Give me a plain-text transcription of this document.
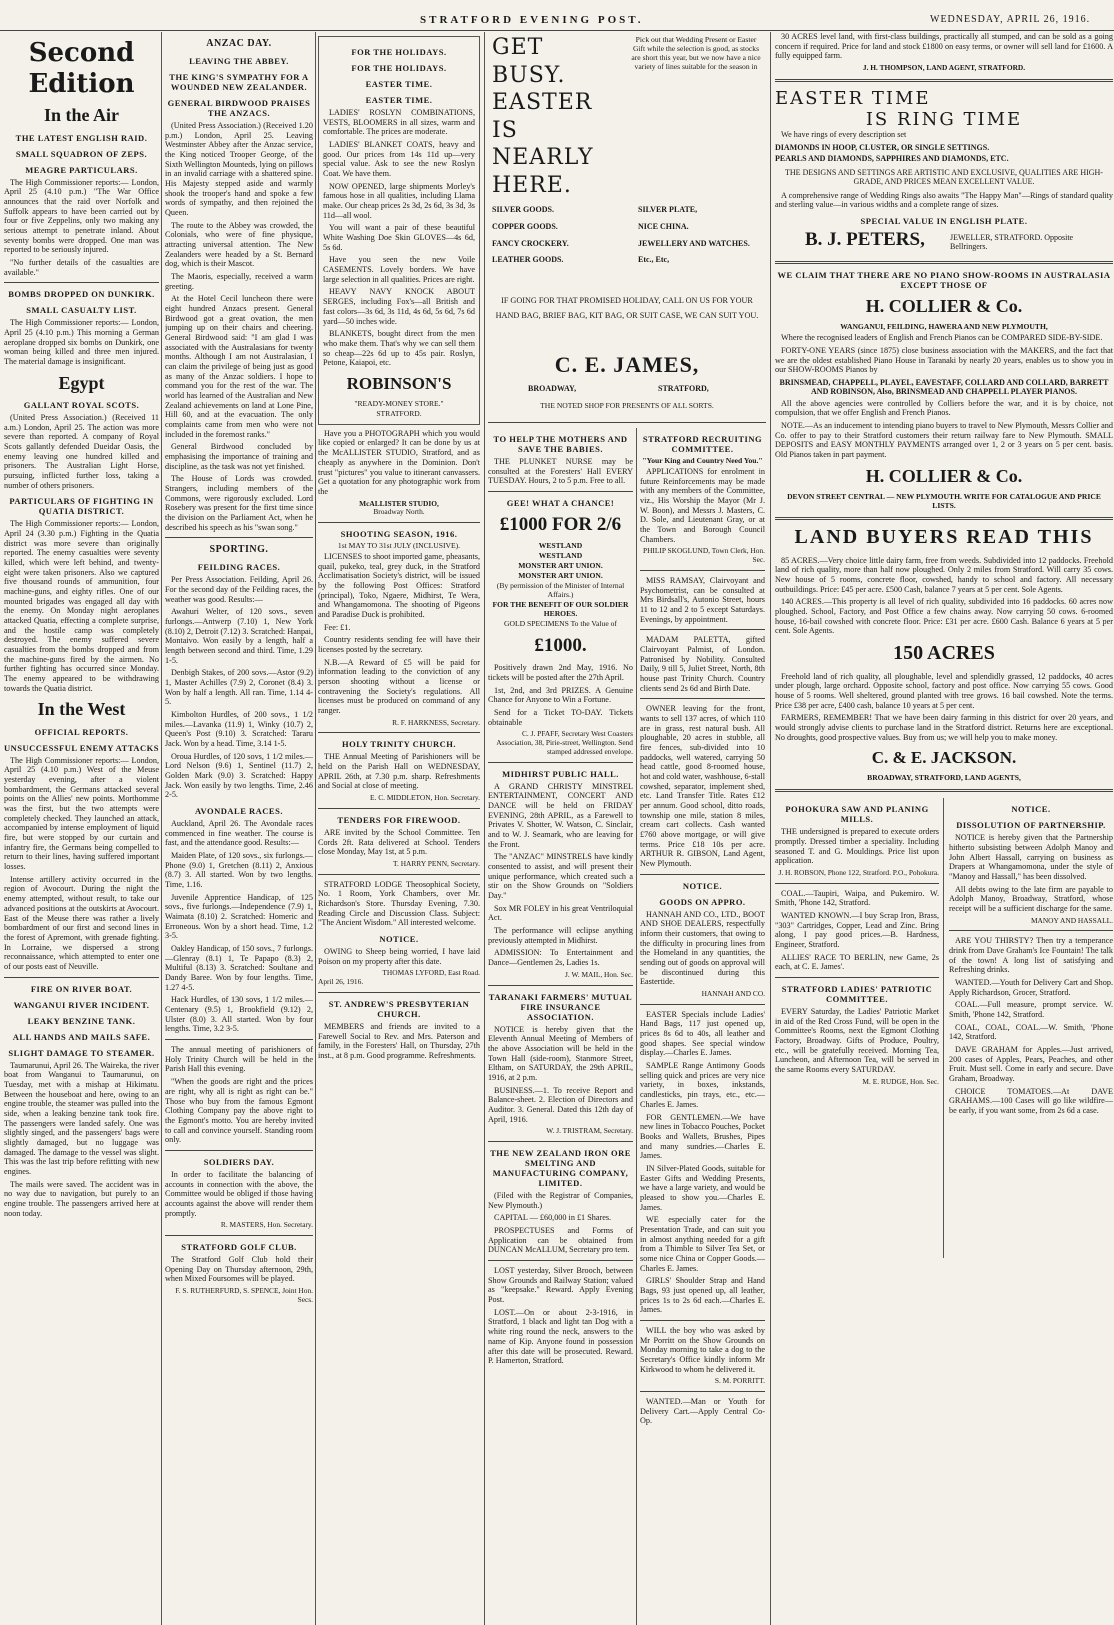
STRATFORD EVENING POST.	WEDNESDAY, APRIL 26, 1916.
Second Edition
In the Air
THE LATEST ENGLISH RAID.
SMALL SQUADRON OF ZEPS.
MEAGRE PARTICULARS.

The High Commissioner reports:— London, April 25 (4.10 p.m.) "The War Office announces that the raid over Norfolk and Suffolk appears to have been carried out by four or five Zeppelins, only two making any serious attempt to penetrate inland. About seventy bombs were dropped. One man was reported to be seriously injured.

"No further details of the casualties are available."

BOMBS DROPPED ON DUNKIRK.
SMALL CASUALTY LIST.

The High Commissioner reports:— London, April 25 (4.10 p.m.) This morning a German aeroplane dropped six bombs on Dunkirk, one woman being killed and three men injured. The material damage is insignificant.

Egypt
GALLANT ROYAL SCOTS.

(United Press Association.) (Received 11 a.m.) London, April 25. The action was more severe than reported. A company of Royal Scots gallantly defended Dueidar Oasis, the enemy leaving one hundred killed and prisoners. The Australian Light Horse, pursuing, inflicted further loss, taking a number of others prisoners.

PARTICULARS OF FIGHTING IN QUATIA DISTRICT.

The High Commissioner reports:— London, April 24 (3.30 p.m.) Fighting in the Quatia district was more severe than originally reported. The enemy casualties were seventy killed, which were left behind, and twenty-eight were taken prisoners. Also we captured five thousand rounds of ammunition, four machine-guns, and eighty rifles. One of our mounted brigades was engaged all day with the enemy. On Monday night aeroplanes attacked Quatia, effecting a complete surprise, and the hostile camp was completely destroyed. The enemy suffered severe casualties from the bombs dropped and from the machine-guns fired by the airmen. No further fighting has occurred since Monday. The enemy appeared to be withdrawing towards the Quatia district.

In the West
OFFICIAL REPORTS.
UNSUCCESSFUL ENEMY ATTACKS

The High Commissioner reports:— London, April 25 (4.10 p.m.) West of the Meuse yesterday evening, after a violent bombardment, the Germans attacked several points on the Allies' new points. Morthomme was the first, but the two attempts were completely checked. They launched an attack, accompanied by intense employment of liquid fire, but were stopped by our curtain and infantry fire, the Germans being compelled to return to their lines, having suffered important losses.

Intense artillery activity occurred in the region of Avocourt. During the night the enemy attempted, without result, to take our advanced positions at the outskirts at Avocourt. East of the Meuse there was rather a lively bombardment of our first and second lines in the forest of Apremont, with grenade fighting. In Lorraine, we dispersed a strong reconnaissance, which attempted to enter one of our posts east of Neuville.

FIRE ON RIVER BOAT.
WANGANUI RIVER INCIDENT.
LEAKY BENZINE TANK.
ALL HANDS AND MAILS SAFE.
SLIGHT DAMAGE TO STEAMER.

Taumarunui, April 26. The Waireka, the river boat from Wanganui to Taumarunui, on Tuesday, met with a mishap at Hikimatu. Between the houseboat and here, owing to an engine trouble, the steamer was pulled into the side, when a leaking benzine tank took fire. The passengers were landed safely. One was slightly singed, and the passengers' bags were slightly damaged, but no luggage was damaged. The damage to the vessel was slight. This was the last trip before refitting with new engines.

The mails were saved. The accident was in no way due to navigation, but purely to an engine trouble. The passengers arrived here at noon today.

ANZAC DAY.
LEAVING THE ABBEY.
THE KING'S SYMPATHY FOR A WOUNDED NEW ZEALANDER.
GENERAL BIRDWOOD PRAISES THE ANZACS.

(United Press Association.) (Received 1.20 p.m.) London, April 25. Leaving Westminster Abbey after the Anzac service, the King noticed Trooper George, of the Sixth Wellington Mounteds, lying on pillows in an invalid carriage with a shattered spine. His Majesty stepped aside and warmly shook the trooper's hand and spoke a few words of sympathy, and then rejoined the Queen.

The route to the Abbey was crowded, the Colonials, who were of fine physique, attracting universal attention. The New Zealanders were headed by a St. Bernard dog, which is their Mascot.

The Maoris, especially, received a warm greeting.

At the Hotel Cecil luncheon there were eight hundred Anzacs present. General Birdwood got a great ovation, the men jumping up on their chairs and cheering. General Birdwood said: "I am glad I was associated with the Australasians for twenty months. Although I am not Australasian, I can claim the privilege of being just as good as many of the Anzac soldiers. I hope to command you for the rest of the war. The world has learned of the Australian and New Zealand achievements on land at Lone Pine, Hill 60, and at the evacuation. The only complaints came from men who were not included in the foremost ranks."

General Birdwood concluded by emphasising the importance of training and discipline, as the task was not yet finished.

The House of Lords was crowded. Strangers, including members of the Commons, were rigorously excluded. Lord Rosebery was present for the first time since the division on the Parliament Act, when he described his speech as his "swan song."

SPORTING.
FEILDING RACES.

Per Press Association. Feilding, April 26. For the second day of the Feilding races, the weather was good. Results:—

Awahuri Welter, of 120 sovs., seven furlongs.—Antwerp (7.10) 1, New York (8.10) 2, Detroit (7.12) 3. Scratched: Hanpai, Montaivo. Won easily by a length, half a length between second and third. Time, 1.29 1-5.

Denbigh Stakes, of 200 sovs.—Astor (9.2) 1, Master Achilles (7.9) 2, Coronet (8.4) 3. Won by half a length. All ran. Time, 1.14 4-5.

Kimbolton Hurdles, of 200 sovs., 1 1/2 miles.—Lavanka (11.9) 1, Winky (10.7) 2, Queen's Post (9.10) 3. Scratched: Tararu Jack. Won by a head. Time, 3.14 1-5.

Oroua Hurdles, of 120 sovs, 1 1/2 miles.—Lord Nelson (9.6) 1, Sentinel (11.7) 2, Golden Mark (9.0) 3. Scratched: Happy Jack. Won easily by two lengths. Time, 2.46 2-5.

AVONDALE RACES.

Auckland, April 26. The Avondale races commenced in fine weather. The course is fast, and the attendance good. Results:—

Maiden Plate, of 120 sovs., six furlongs.—Phone (9.0) 1, Gretchen (8.11) 2, Anxious (8.7) 3. All started. Won by two lengths. Time, 1.16.

Juvenile Apprentice Handicap, of 125 sovs., five furlongs.—Independence (7.9) 1, Waimata (8.10) 2. Scratched: Homeric and Erroneous. Won by a short head. Time, 1.2 3-5.

Oakley Handicap, of 150 sovs., 7 furlongs.—Glenray (8.1) 1, Te Papapo (8.3) 2, Multiful (8.13) 3. Scratched: Soultane and Dandy Baree. Won by four lengths. Time, 1.27 4-5.

Hack Hurdles, of 130 sovs, 1 1/2 miles.—Centenary (9.5) 1, Brookfield (9.12) 2, Ulster (8.0) 3. All started. Won by four lengths. Time, 3.2 3-5.

The annual meeting of parishioners of Holy Trinity Church will be held in the Parish Hall this evening.

"When the goods are right and the prices are right, why all is right as right can be." Those who buy from the famous Egmont Clothing Company pay the above right to the Egmont's motto. You are hereby invited to call and convince yourself. Standing room only.

SOLDIERS DAY.

In order to facilitate the balancing of accounts in connection with the above, the Committee would be obliged if those having accounts against the above will render them promptly.

R. MASTERS, Hon. Secretary.
STRATFORD GOLF CLUB.

The Stratford Golf Club hold their Opening Day on Thursday afternoon, 29th, when Mixed Foursomes will be played.

F. S. RUTHERFURD, S. SPENCE, Joint Hon. Secs.
FOR THE HOLIDAYS.
FOR THE HOLIDAYS.
EASTER TIME.
EASTER TIME.

LADIES' ROSLYN COMBINATIONS, VESTS, BLOOMERS in all sizes, warm and comfortable. The prices are moderate.

LADIES' BLANKET COATS, heavy and good. Our prices from 14s 11d up—very special value. Ask to see the new Roslyn Coat. We have them.

NOW OPENED, large shipments Morley's famous hose in all qualities, including Llama make. Our cheap prices 2s 3d, 2s 6d, 3s 3d, 3s 11d—all wool.

You will want a pair of these beautiful White Washing Doe Skin GLOVES—4s 6d, 5s 6d.

Have you seen the new Voile CASEMENTS. Lovely borders. We have large selection in all qualities. Prices are right.

HEAVY NAVY KNOCK ABOUT SERGES, including Fox's—all British and fast colors—3s 6d, 3s 11d, 4s 6d, 5s 6d, 7s 6d yard—50 inches wide.

BLANKETS, bought direct from the men who make them. That's why we can sell them so cheap—22s 6d up to 45s pair. Roslyn, Petone, Kaiapoi, etc.

ROBINSON'S
"READY-MONEY STORE."
STRATFORD.

Have you a PHOTOGRAPH which you would like copied or enlarged? It can be done by us at the McALLISTER STUDIO, Stratford, and as cheaply as anywhere in the Dominion. Don't trust "pictures" you value to itinerant canvassers. Get a quotation for any photographic work from the

McALLISTER STUDIO,
Broadway North.
SHOOTING SEASON, 1916.
1st MAY TO 31st JULY (INCLUSIVE).

LICENSES to shoot imported game, pheasants, quail, pukeko, teal, grey duck, in the Stratford Acclimatisation Society's district, will be issued by the following Post Offices: Stratford (principal), Toko, Ngaere, Midhirst, Te Wera, and Whangamomona. The shooting of Pigeons and Paradise Duck is prohibited.

Fee: £1.

Country residents sending fee will have their licenses posted by the secretary.

N.B.—A Reward of £5 will be paid for information leading to the conviction of any person shooting without a license or contravening the Society's regulations. All licenses must be produced on command of any ranger.

R. F. HARKNESS, Secretary.
HOLY TRINITY CHURCH.

THE Annual Meeting of Parishioners will be held on the Parish Hall on WEDNESDAY, APRIL 26th, at 7.30 p.m. sharp. Refreshments and Social at close of meeting.

E. C. MIDDLETON, Hon. Secretary.
TENDERS FOR FIREWOOD.

ARE invited by the School Committee. Ten Cords 2ft. Rata delivered at School. Tenders close Monday, May 1st, at 5 p.m.

T. HARRY PENN, Secretary.

STRATFORD LODGE Theosophical Society, No. 1 Room, York Chambers, over Mr. Richardson's Store. Thursday Evening, 7.30. Reading Circle and Discussion Class. Subject: "The Ancient Wisdom." All interested welcome.

NOTICE.

OWING to Sheep being worried, I have laid Poison on my property after this date.

THOMAS LYFORD, East Road.
April 26, 1916.
ST. ANDREW'S PRESBYTERIAN CHURCH.

MEMBERS and friends are invited to a Farewell Social to Rev. and Mrs. Paterson and family, in the Foresters' Hall, on Thursday, 27th inst., at 8 p.m. Good programme. Refreshments.

GET BUSY.
EASTER
IS
NEARLY
HERE.
Pick out that Wedding Present or Easter Gift while the selection is good, as stocks are short this year, but we now have a nice variety of lines suitable for the season in
SILVER GOODS.
COPPER GOODS.
FANCY CROCKERY.
LEATHER GOODS.
SILVER PLATE,
NICE CHINA.
JEWELLERY AND WATCHES.
Etc., Etc,
IF GOING FOR THAT PROMISED HOLIDAY, CALL ON US FOR YOUR HAND BAG, BRIEF BAG, KIT BAG, OR SUIT CASE, WE CAN SUIT YOU.
C. E. JAMES,
BROADWAY,	STRATFORD,
THE NOTED SHOP FOR PRESENTS OF ALL SORTS.
TO HELP THE MOTHERS AND SAVE THE BABIES.

THE PLUNKET NURSE may be consulted at the Foresters' Hall EVERY TUESDAY. Hours, 2 to 5 p.m. Free to all.

GEE! WHAT A CHANCE!
£1000 FOR 2/6
WESTLAND
WESTLAND
MONSTER ART UNION.
MONSTER ART UNION.
(By permission of the Minister of Internal Affairs.)
FOR THE BENEFIT OF OUR SOLDIER HEROES.
GOLD SPECIMENS To the Value of
£1000.

Positively drawn 2nd May, 1916. No tickets will be posted after the 27th April.

1st, 2nd, and 3rd PRIZES. A Genuine Chance for Anyone to Win a Fortune.

Send for a Ticket TO-DAY. Tickets obtainable

C. J. PFAFF, Secretary West Coasters Association, 38, Pirie-street, Wellington. Send stamped addressed envelope.
MIDHIRST PUBLIC HALL.

A GRAND CHRISTY MINSTREL ENTERTAINMENT, CONCERT AND DANCE will be held on FRIDAY EVENING, 28th APRIL, as a Farewell to Privates V. Shotter, W. Watson, C. Sinclair, and to W. J. Seamark, who are leaving for the Front.

The "ANZAC" MINSTRELS have kindly consented to assist, and will present their unique performance, which created such a stir on the Show Grounds on "Soldiers Day."

Sox MR FOLEY in his great Ventriloquial Act.

The performance will eclipse anything previously attempted in Midhirst.

ADMISSION: To Entertainment and Dance—Gentlemen 2s, Ladies 1s.

J. W. MAIL, Hon. Sec.
TARANAKI FARMERS' MUTUAL FIRE INSURANCE ASSOCIATION.

NOTICE is hereby given that the Eleventh Annual Meeting of Members of the above Association will be held in the Town Hall (side-room), Stanmore Street, Eltham, on SATURDAY, the 29th APRIL, 1916, at 2 p.m.

BUSINESS.—1. To receive Report and Balance-sheet. 2. Election of Directors and Auditor. 3. General. Dated this 12th day of April, 1916.

W. J. TRISTRAM, Secretary.
THE NEW ZEALAND IRON ORE SMELTING AND MANUFACTURING COMPANY, LIMITED.

(Filed with the Registrar of Companies, New Plymouth.)

CAPITAL — £60,000 in £1 Shares.

PROSPECTUSES and Forms of Application can be obtained from DUNCAN McALLUM, Secretary pro tem.

LOST yesterday, Silver Brooch, between Show Grounds and Railway Station; valued as "keepsake." Reward. Apply Evening Post.

LOST.—On or about 2-3-1916, in Stratford, 1 black and light tan Dog with a white ring round the neck, answers to the name of Kip. Anyone found in possession after this date will be prosecuted. Reward. P. Hamerton, Stratford.

STRATFORD RECRUITING COMMITTEE.
"Your King and Country Need You."

APPLICATIONS for enrolment in future Reinforcements may be made with any members of the Committee, viz., His Worship the Mayor (Mr J. W. Boon), and Messrs J. Masters, C. D. Sole, and Lieutenant Gray, or at the Town and Borough Council Chambers.

PHILIP SKOGLUND, Town Clerk, Hon. Sec.

MISS RAMSAY, Clairvoyant and Psychometrist, can be consulted at Mrs Birdsall's, Autonio Street, hours 11 to 12 and 2 to 5 except Saturdays. Evenings, by appointment.

MADAM PALETTA, gifted Clairvoyant Palmist, of London. Patronised by Nobility. Consulted Daily, 9 till 5, Juliet Street, North, 8th house past Trinity Church. Country clients send 2s 6d and Birth Date.

OWNER leaving for the front, wants to sell 137 acres, of which 110 are in grass, rest natural bush. All ploughable, 20 acres in stubble, all fire fences, sub-divided into 10 paddocks, well watered, carrying 50 head cattle, good 8-roomed house, hot and cold water, washhouse, 6-stall cowshed, separator, implement shed, etc. Land Transfer Title. Rates £12 per annum. Good school, ditto roads, township one mile, station 8 miles, cream cart collects. Cash wanted £760 above mortgage, or will give terms. Price £18 10s per acre. ARTHUR R. GIBSON, Land Agent, New Plymouth.

NOTICE.
GOODS ON APPRO.

HANNAH AND CO., LTD., BOOT AND SHOE DEALERS, respectfully inform their customers, that owing to the difficulty in procuring lines from the Homeland in any quantities, the sending out of goods on approval will be discontinued during this Eastertide.

HANNAH AND CO.

EASTER Specials include Ladies' Hand Bags, 117 just opened up, prices 8s 6d to 40s, all leather and good shapes. See special window display.—Charles E. James.

SAMPLE Range Antimony Goods selling quick and prices are very nice variety, in boxes, inkstands, candlesticks, pin trays, etc., etc.—Charles E. James.

FOR GENTLEMEN.—We have new lines in Tobacco Pouches, Pocket Books and Wallets, Brushes, Pipes and many sundries.—Charles E. James.

IN Silver-Plated Goods, suitable for Easter Gifts and Wedding Presents, we have a large variety, and would be pleased to show you.—Charles E. James.

WE especially cater for the Presentation Trade, and can suit you in almost anything needed for a gift from a Thimble to Silver Tea Set, or some nice China or Copper Goods.—Charles E. James.

GIRLS' Shoulder Strap and Hand Bags, 93 just opened up, all leather, prices 1s to 2s 6d each.—Charles E. James.

WILL the boy who was asked by Mr Porritt on the Show Grounds on Monday morning to take a dog to the Secretary's Office kindly inform Mr Kirkwood to whom he delivered it.

S. M. PORRITT.

WANTED.—Man or Youth for Delivery Cart.—Apply Central Co-Op.

30 ACRES level land, with first-class buildings, practically all stumped, and can be sold as a going concern if required. Price for land and stock £1800 on easy terms, or owner will sell land for £1600. A fully equipped farm.

J. H. THOMPSON, LAND AGENT, STRATFORD.
EASTER TIME
IS RING TIME

We have rings of every description set

DIAMONDS IN HOOP, CLUSTER, OR SINGLE SETTINGS.
PEARLS AND DIAMONDS, SAPPHIRES AND DIAMONDS, ETC.
THE DESIGNS AND SETTINGS ARE ARTISTIC AND EXCLUSIVE, QUALITIES ARE HIGH-GRADE, AND PRICES MEAN EXCELLENT VALUE.

A comprehensive range of Wedding Rings also awaits "The Happy Man"—Rings of standard quality and sterling value—in various widths and a complete range of sizes.

SPECIAL VALUE IN ENGLISH PLATE.
B. J. PETERS,	JEWELLER, STRATFORD. Opposite Bellringers.
WE CLAIM THAT THERE ARE NO PIANO SHOW-ROOMS IN AUSTRALASIA EXCEPT THOSE OF
H. COLLIER & Co.
WANGANUI, FEILDING, HAWERA AND NEW PLYMOUTH,

Where the recognised leaders of English and French Pianos can be COMPARED SIDE-BY-SIDE.

FORTY-ONE YEARS (since 1875) close business association with the MAKERS, and the fact that we are the oldest established Piano House in Taranaki by nearly 20 years, enables us to show you in our SHOW-ROOMS Pianos by

BRINSMEAD, CHAPPELL, PLAYEL, EAVESTAFF, COLLARD AND COLLARD, BARRETT AND ROBINSON, Also, BRINSMEAD AND CHAPPELL PLAYER PIANOS.

All the above agencies were controlled by Colliers before the war, and it is by choice, not compulsion, that we offer English and French Pianos.

NOTE.—As an inducement to intending piano buyers to travel to New Plymouth, Messrs Collier and Co. offer to pay to their Stratford customers their return railway fare to New Plymouth. SMALL DEPOSITS and EASY MONTHLY PAYMENTS arranged over 1, 2 or 3 years on 5 per cent. basis. Old Pianos taken in part payment.

H. COLLIER & Co.
DEVON STREET CENTRAL — NEW PLYMOUTH. WRITE FOR CATALOGUE AND PRICE LISTS.
LAND BUYERS READ THIS

85 ACRES.—Very choice little dairy farm, free from weeds. Subdivided into 12 paddocks. Freehold land of rich quality, more than half now ploughed. Only 2 miles from Stratford. Will carry 35 cows. New house of 5 rooms, concrete floor, cowshed, handy to school and factory. All necessary outbuildings. Price: £45 per acre. £500 Cash, balance 7 years at 5 per cent. Sole Agents.

140 ACRES.—This property is all level of rich quality, subdivided into 16 paddocks. 60 acres now ploughed. School, Factory, and Post Office a few chains away. Now carrying 50 cows. 6-roomed house, 16-bail cowshed with concrete floor. Price: £31 per acre. £600 Cash. Balance 6 years at 5 per cent. Sole Agents.

150 ACRES

Freehold land of rich quality, all ploughable, level and splendidly grassed, 12 paddocks, 40 acres under plough, large orchard. Opposite school, factory and post office. Now carrying 55 cows. Good house of 5 rooms. Well sheltered, ground planted with tree grows. 16 bail cowshed. Note the terms. Price £38 per acre, £400 cash, balance 10 years at 5 per cent.

FARMERS, REMEMBER! That we have been dairy farming in this district for over 20 years, and would strongly advise clients to purchase land in the Stratford district. Returns here are exceptional. No droughts, good prospective values. Buy from us; we will help you to make money.

C. & E. JACKSON.
BROADWAY, STRATFORD, LAND AGENTS,
POHOKURA SAW AND PLANING MILLS.

THE undersigned is prepared to execute orders promptly. Dressed timber a speciality. Including seasoned T. and G. Mouldings. Price list upon application.

J. H. ROBSON, Phone 122, Stratford. P.O., Pohokura.

COAL.—Taupiri, Waipa, and Pukemiro. W. Smith, 'Phone 142, Stratford.

WANTED KNOWN.—I buy Scrap Iron, Brass, "303" Cartridges, Copper, Lead and Zinc. Bring along, I pay good prices.—B. Hardness, Engineer, Stratford.

ALLIES' RACE TO BERLIN, new Game, 2s each, at C. E. James'.

STRATFORD LADIES' PATRIOTIC COMMITTEE.

EVERY Saturday, the Ladies' Patriotic Market in aid of the Red Cross Fund, will be open in the Committee's Rooms, next the Egmont Clothing Factory, Broadway. Gifts of Produce, Poultry, etc., will be gratefully received. Morning Tea, Luncheon, and Afternoon Tea, will be served in the same Rooms every SATURDAY.

M. E. RUDGE, Hon. Sec.
NOTICE.
DISSOLUTION OF PARTNERSHIP.

NOTICE is hereby given that the Partnership hitherto subsisting between Adolph Manoy and John Albert Hassall, carrying on business as Drapers at Whangamomona, under the style of "Manoy and Hassall," has been dissolved.

All debts owing to the late firm are payable to Adolph Manoy, Broadway, Stratford, whose receipt will be a sufficient discharge for the same.

MANOY AND HASSALL.

ARE YOU THIRSTY? Then try a temperance drink from Dave Graham's Ice Fountain! The talk of the town! A long list of satisfying and Refreshing drinks.

WANTED.—Youth for Delivery Cart and Shop. Apply Richardson, Grocer, Stratford.

COAL.—Full measure, prompt service. W. Smith, 'Phone 142, Stratford.

COAL, COAL, COAL.—W. Smith, 'Phone 142, Stratford.

DAVE GRAHAM for Apples.—Just arrived, 200 cases of Apples, Pears, Peaches, and other Fruit. Must sell. Come in early and secure. Dave Graham, Broadway.

CHOICE TOMATOES.—At DAVE GRAHAMS.—100 Cases will go like wildfire—be early, if you want some, from 2s 6d a case.
